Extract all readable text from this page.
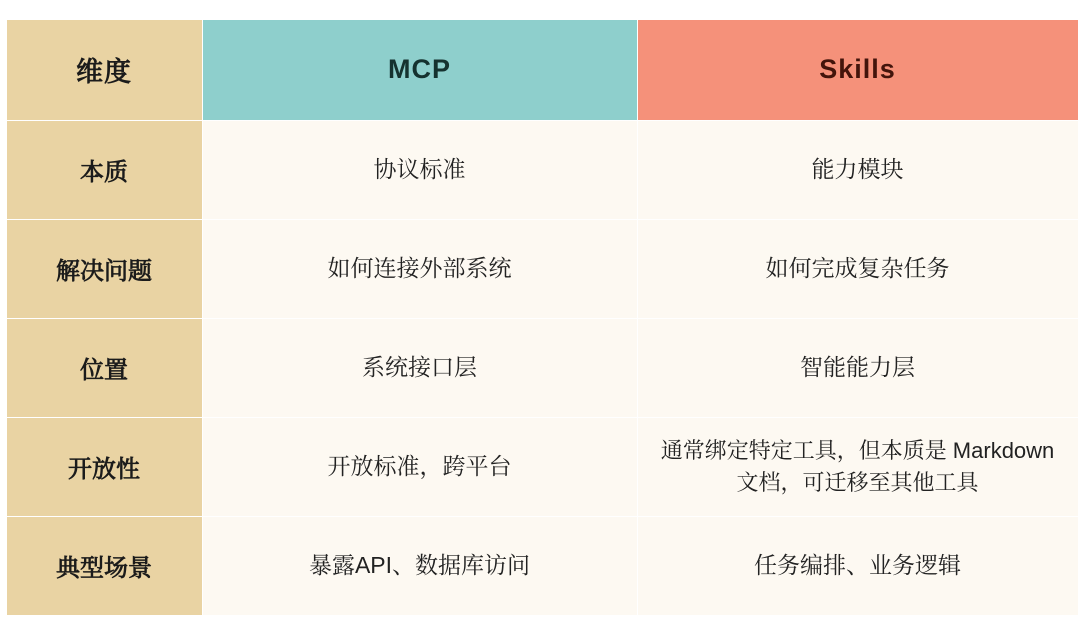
维度	MCP	Skills
本质	协议标准	能力模块
解决问题	如何连接外部系统	如何完成复杂任务
位置	系统接口层	智能能力层
开放性	开放标准，跨平台	通常绑定特定工具，但本质是 Markdown文档，可迁移至其他工具
典型场景	暴露API、数据库访问	任务编排、业务逻辑
